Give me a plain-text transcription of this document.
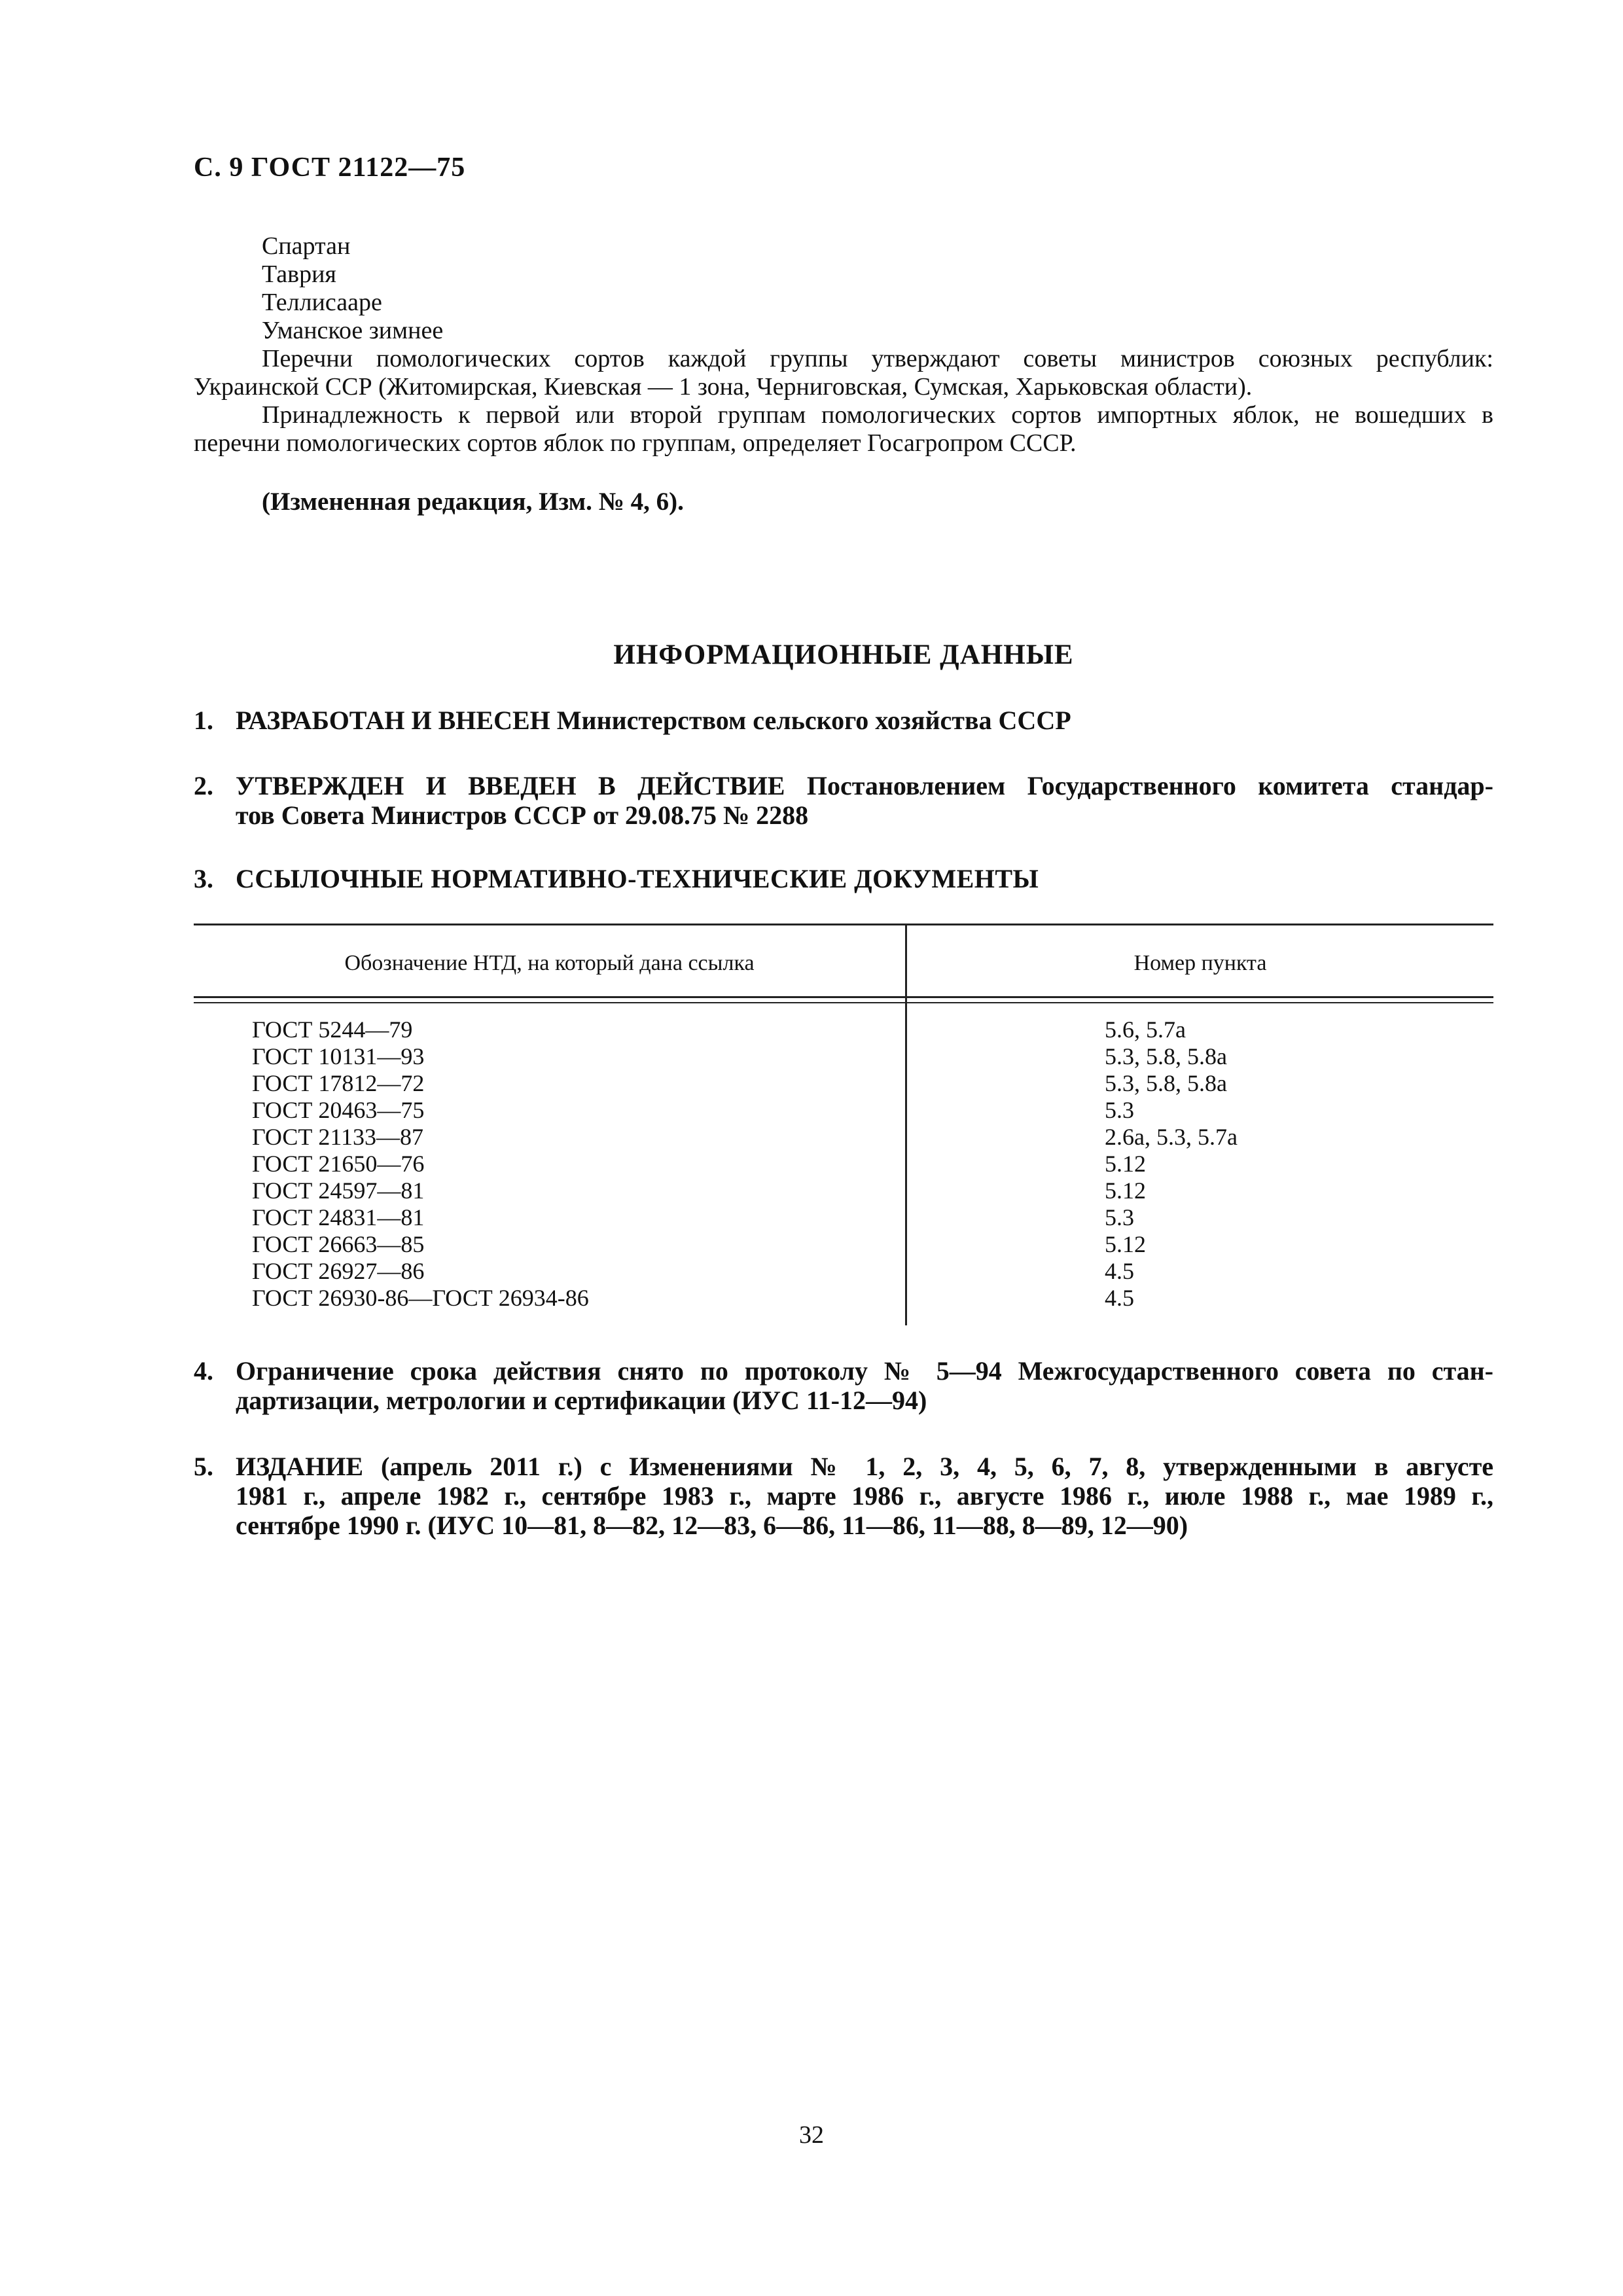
С. 9 ГОСТ 21122—75
Спартан
Таврия
Теллисааре
Уманское зимнее
Перечни помологических сортов каждой группы утверждают советы министров союзных республик:
Украинской ССР (Житомирская, Киевская — 1 зона, Черниговская, Сумская, Харьковская области).
Принадлежность к первой или второй группам помологических сортов импортных яблок, не вошедших в
перечни помологических сортов яблок по группам, определяет Госагропром СССР.
(Измененная редакция, Изм. № 4, 6).
ИНФОРМАЦИОННЫЕ ДАННЫЕ
1. РАЗРАБОТАН И ВНЕСЕН Министерством сельского хозяйства СССР
2. УТВЕРЖДЕН И ВВЕДЕН В ДЕЙСТВИЕ Постановлением Государственного комитета стандар-
тов Совета Министров СССР от 29.08.75 № 2288
3. ССЫЛОЧНЫЕ НОРМАТИВНО-ТЕХНИЧЕСКИЕ ДОКУМЕНТЫ
Обозначение НТД, на который дана ссылка	Номер пункта
ГОСТ 5244—79	5.6, 5.7а
ГОСТ 10131—93	5.3, 5.8, 5.8а
ГОСТ 17812—72	5.3, 5.8, 5.8а
ГОСТ 20463—75	5.3
ГОСТ 21133—87	2.6а, 5.3, 5.7а
ГОСТ 21650—76	5.12
ГОСТ 24597—81	5.12
ГОСТ 24831—81	5.3
ГОСТ 26663—85	5.12
ГОСТ 26927—86	4.5
ГОСТ 26930-86—ГОСТ 26934-86	4.5
4. Ограничение срока действия снято по протоколу № 5—94 Межгосударственного совета по стан-
дартизации, метрологии и сертификации (ИУС 11-12—94)
5. ИЗДАНИЕ (апрель 2011 г.) с Изменениями № 1, 2, 3, 4, 5, 6, 7, 8, утвержденными в августе
1981 г., апреле 1982 г., сентябре 1983 г., марте 1986 г., августе 1986 г., июле 1988 г., мае 1989 г.,
сентябре 1990 г. (ИУС 10—81, 8—82, 12—83, 6—86, 11—86, 11—88, 8—89, 12—90)
32
